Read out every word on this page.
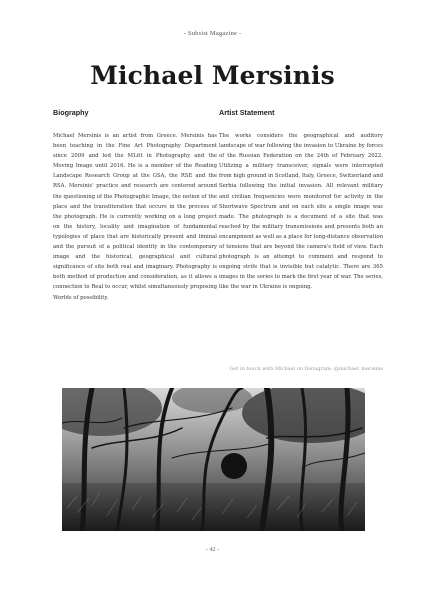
- Subsist Magazine -
Michael Mersinis
Biography

Michael Mersinis is an artist from Greece. Mersinis has been teaching in the Fine Art Photography Department since 2009 and led the MLitt in Photography and the Moving Image until 2016. He is a member of the Reading Landscape Research Group at the GSA, the RSE and the RSA. Mersinis' practice and research are centered around the questioning of the Photographic Image, the notion of the place and the transliteration that occurs in the process of the photograph. He is currently working on a long project on the history, locality and imagination of fundamental typologies of place that are historically present and liminal and the pursuit of a political identity in the contemporary image and the historical, geographical and cultural significance of site both real and imaginary. Photography is both method of production and consideration, as it allows a connection to Real to occur, whilst simultaneously proposing Worlds of possibility.

Artist Statement

The works considers the geographical and auditory landscape of war following the invasion to Ukraine by forces of the Russian Federation on the 24th of February 2022. Utilizing a military transceiver, signals were intercepted from high ground in Scotland, Italy, Greece, Switzerland and Serbia following the initial invasion. All relevant military and civilian frequencies were monitored for activity in the Shortwave Spectrum and on each site a single image was made. The photograph is a document of a site that was reached by the military transmissions and presents both an encampment as well as a place for long-distance observation of tensions that are beyond the camera's field of view. Each photograph is an attempt to comment and respond to ongoing strife that is invisible but catalytic. There are 365 images in the series to mark the first year of war. The series, like the war in Ukraine is ongoing.

Get in touch with Michael on Instagram: @michael_mersinis
- 42 -
